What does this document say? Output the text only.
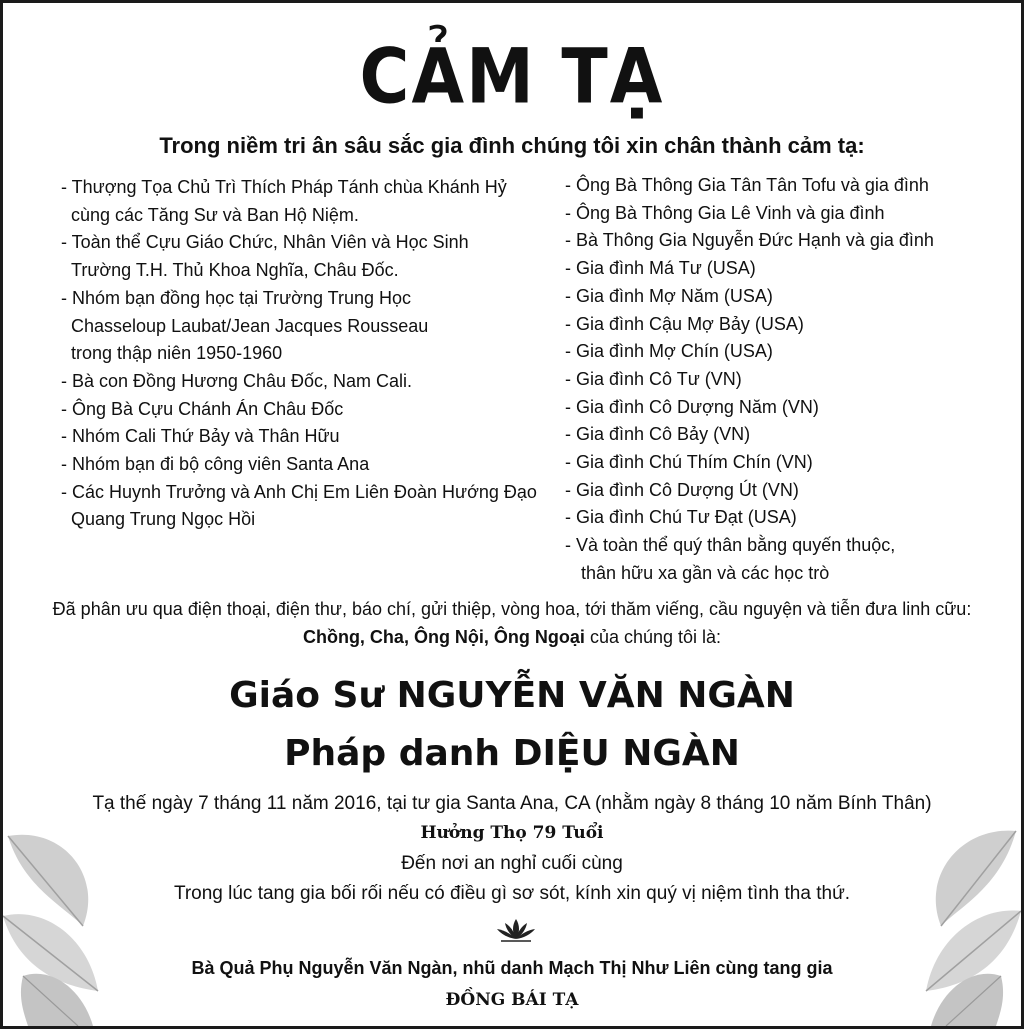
CẢM TẠ
Trong niềm tri ân sâu sắc gia đình chúng tôi xin chân thành cảm tạ:
- Thượng Tọa Chủ Trì Thích Pháp Tánh chùa Khánh Hỷ
cùng các Tăng Sư và Ban Hộ Niệm.
- Toàn thể Cựu Giáo Chức, Nhân Viên và Học Sinh
Trường T.H. Thủ Khoa Nghĩa, Châu Đốc.
- Nhóm bạn đồng học tại Trường Trung Học
Chasseloup Laubat/Jean Jacques Rousseau
trong thập niên 1950-1960
- Bà con Đồng Hương Châu Đốc, Nam Cali.
- Ông Bà Cựu Chánh Án Châu Đốc
- Nhóm Cali Thứ Bảy và Thân Hữu
- Nhóm bạn đi bộ công viên Santa Ana
- Các Huynh Trưởng và Anh Chị Em Liên Đoàn Hướng Đạo
Quang Trung Ngọc Hồi
- Ông Bà Thông Gia Tân Tân Tofu và gia đình
- Ông Bà Thông Gia Lê Vinh và gia đình
- Bà Thông Gia Nguyễn Đức Hạnh và gia đình
- Gia đình Má Tư (USA)
- Gia đình Mợ Năm (USA)
- Gia đình Cậu Mợ Bảy (USA)
- Gia đình Mợ Chín (USA)
- Gia đình Cô Tư (VN)
- Gia đình Cô Dượng Năm (VN)
- Gia đình Cô Bảy (VN)
- Gia đình Chú Thím Chín (VN)
- Gia đình Cô Dượng Út (VN)
- Gia đình Chú Tư Đạt (USA)
- Và toàn thể quý thân bằng quyến thuộc,
thân hữu xa gần và các học trò
Đã phân ưu qua điện thoại, điện thư, báo chí, gửi thiệp, vòng hoa, tới thăm viếng, cầu nguyện và tiễn đưa linh cữu:
Chồng, Cha, Ông Nội, Ông Ngoại của chúng tôi là:
Giáo Sư NGUYỄN VĂN NGÀN
Pháp danh DIỆU NGÀN
Tạ thế ngày 7 tháng 11 năm 2016, tại tư gia Santa Ana, CA (nhằm ngày 8 tháng 10 năm Bính Thân)
Hưởng Thọ 79 Tuổi
Đến nơi an nghỉ cuối cùng
Trong lúc tang gia bối rối nếu có điều gì sơ sót, kính xin quý vị niệm tình tha thứ.
Bà Quả Phụ Nguyễn Văn Ngàn, nhũ danh Mạch Thị Như Liên cùng tang gia
ĐỒNG BÁI TẠ
